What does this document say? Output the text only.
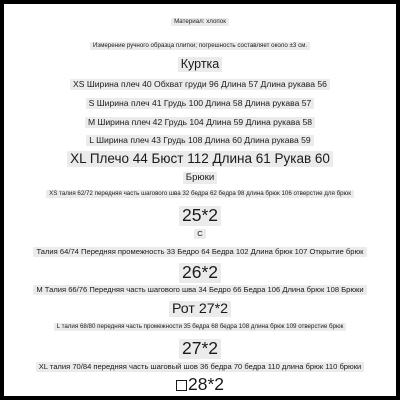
Материал: хлопок
Измерение ручного образца плитки; погрешность составляет около ±3 см.
Куртка
XS Ширина плеч 40 Обхват груди 96 Длина 57 Длина рукава 56
S Ширина плеч 41 Грудь 100 Длина 58 Длина рукава 57
M Ширина плеч 42 Грудь 104 Длина 59 Длина рукава 58
L Ширина плеч 43 Грудь 108 Длина 60 Длина рукава 59
XL Плечо 44 Бюст 112 Длина 61 Рукав 60
Брюки
XS талия 62/72 передняя часть шагового шва 32 бедра 62 бедра 98 длина брюк 106 отверстие для брюк
25*2
С
Талия 64/74 Передняя промежность 33 Бедро 64 Бедра 102 Длина брюк 107 Открытие брюк
26*2
M Талия 66/76 Передняя часть шагового шва 34 Бедро 66 Бедра 106 Длина брюк 108 Брюки
Рот 27*2
L талия 68/80 передняя часть промежности 35 бедра 68 бедра 108 длина брюк 109 отверстие брюк
27*2
XL талия 70/84 передняя часть шаговый шов 36 бедра 70 бедра 110 длина брюк 110 брюки
28*2
